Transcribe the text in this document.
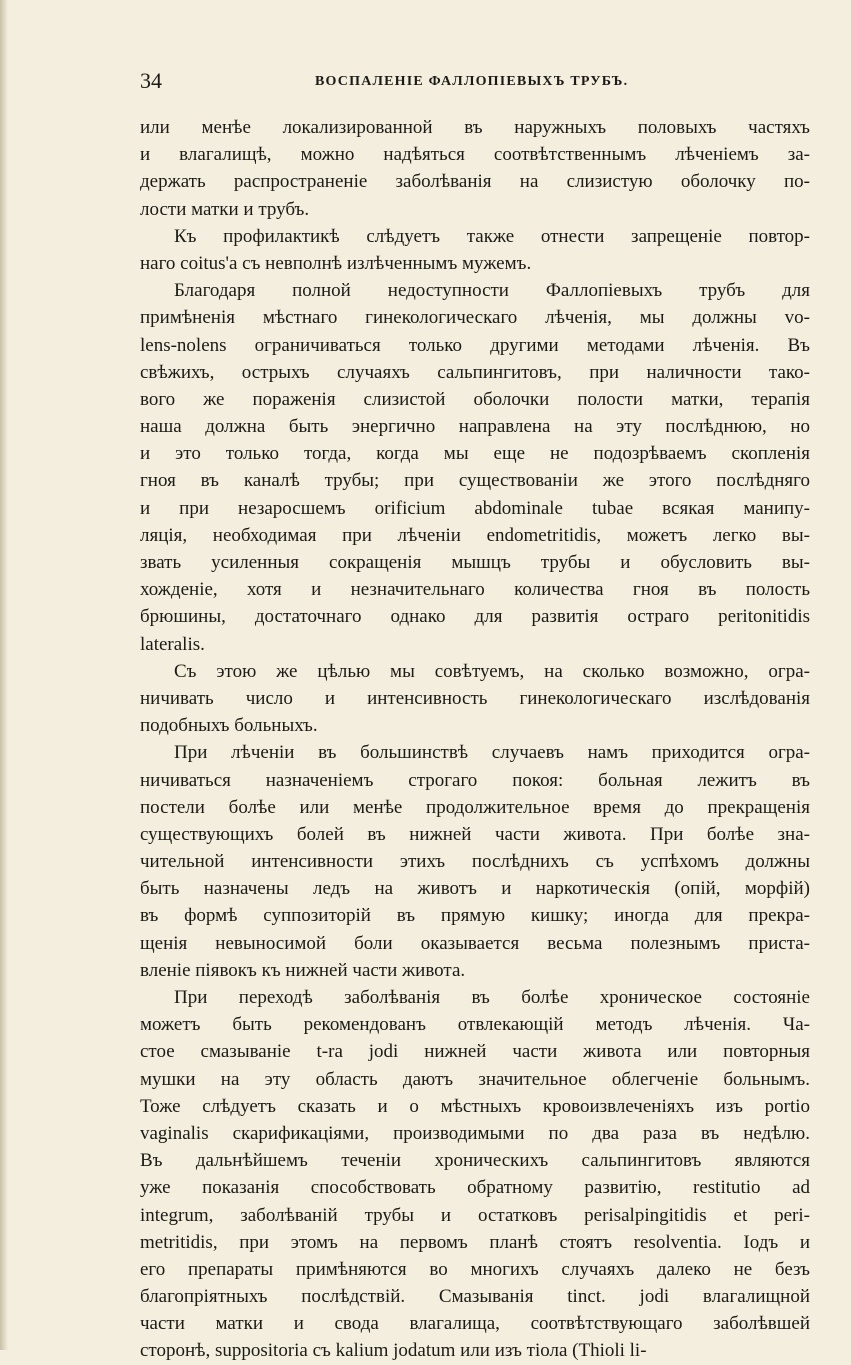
34	ВОСПАЛЕНІЕ ФАЛЛОПІЕВЫХЪ ТРУБЪ.
или менѣе локализированной въ наружныхъ половыхъ частяхъ
и влагалищѣ, можно надѣяться соотвѣтственнымъ лѣченіемъ за-
держать распространеніе заболѣванія на слизистую оболочку по-
лости матки и трубъ.
Къ профилактикѣ слѣдуетъ также отнести запрещеніе повтор-
наго coitus'a съ невполнѣ излѣченнымъ мужемъ.
Благодаря полной недоступности Фаллопіевыхъ трубъ для
примѣненія мѣстнаго гинекологическаго лѣченія, мы должны vo-
lens-nolens ограничиваться только другими методами лѣченія. Въ
свѣжихъ, острыхъ случаяхъ сальпингитовъ, при наличности тако-
вого же пораженія слизистой оболочки полости матки, терапія
наша должна быть энергично направлена на эту послѣднюю, но
и это только тогда, когда мы еще не подозрѣваемъ скопленія
гноя въ каналѣ трубы; при существованіи же этого послѣдняго
и при незаросшемъ orificium abdominale tubae всякая манипу-
ляція, необходимая при лѣченіи endometritidis, можетъ легко вы-
звать усиленныя сокращенія мышцъ трубы и обусловить вы-
хожденіе, хотя и незначительнаго количества гноя въ полость
брюшины, достаточнаго однако для развитія остраго peritonitidis
lateralis.
Съ этою же цѣлью мы совѣтуемъ, на сколько возможно, огра-
ничивать число и интенсивность гинекологическаго изслѣдованія
подобныхъ больныхъ.
При лѣченіи въ большинствѣ случаевъ намъ приходится огра-
ничиваться назначеніемъ строгаго покоя: больная лежитъ въ
постели болѣе или менѣе продолжительное время до прекращенія
существующихъ болей въ нижней части живота. При болѣе зна-
чительной интенсивности этихъ послѣднихъ съ успѣхомъ должны
быть назначены ледъ на животъ и наркотическія (опій, морфій)
въ формѣ суппозиторій въ прямую кишку; иногда для прекра-
щенія невыносимой боли оказывается весьма полезнымъ приста-
вленіе піявокъ къ нижней части живота.
При переходѣ заболѣванія въ болѣе хроническое состояніе
можетъ быть рекомендованъ отвлекающій методъ лѣченія. Ча-
стое смазываніе t-ra jodi нижней части живота или повторныя
мушки на эту область даютъ значительное облегченіе больнымъ.
Тоже слѣдуетъ сказать и о мѣстныхъ кровоизвлеченіяхъ изъ portio
vaginalis скарификаціями, производимыми по два раза въ недѣлю.
Въ дальнѣйшемъ теченіи хроническихъ сальпингитовъ являются
уже показанія способствовать обратному развитію, restitutio ad
integrum, заболѣваній трубы и остатковъ perisalpingitidis et peri-
metritidis, при этомъ на первомъ планѣ стоятъ resolventia. Іодъ и
его препараты примѣняются во многихъ случаяхъ далеко не безъ
благопріятныхъ послѣдствій. Смазыванія tinct. jodi влагалищной
части матки и свода влагалища, соотвѣтствующаго заболѣвшей
сторонѣ, suppositoria съ kalium jodatum или изъ тіола (Thioli li-
